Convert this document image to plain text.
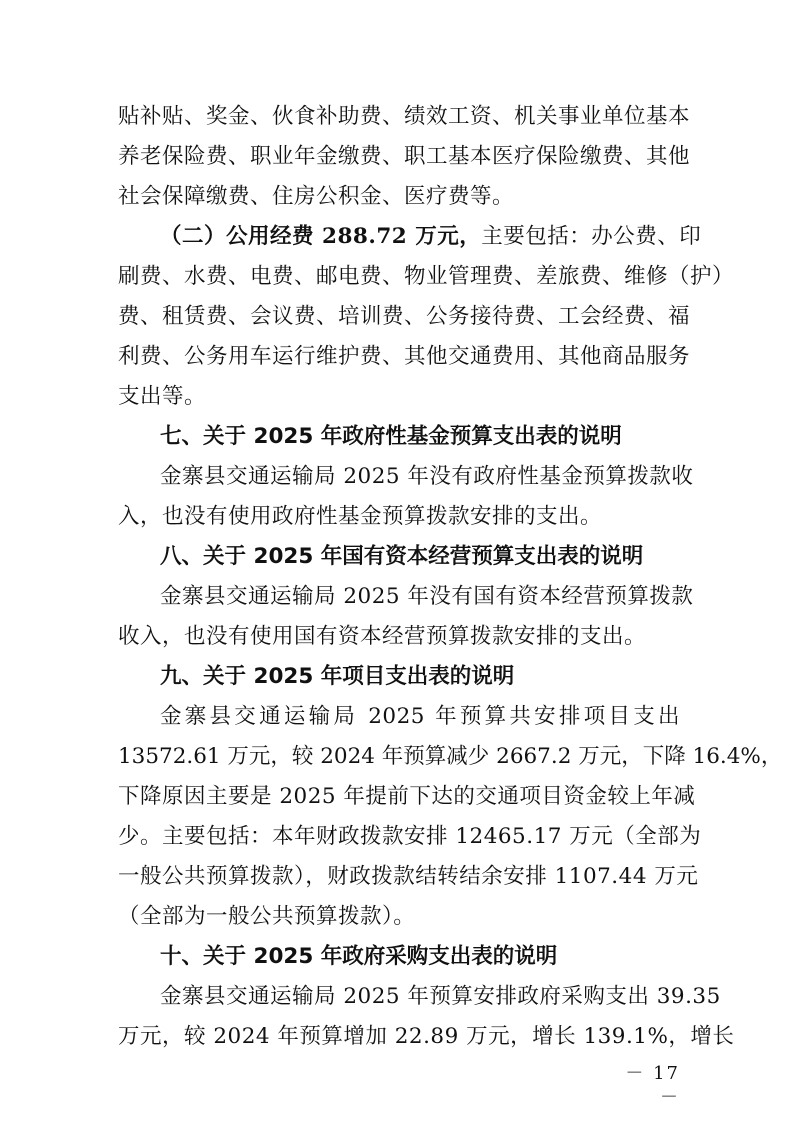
贴补贴、奖金、伙食补助费、绩效工资、机关事业单位基本
养老保险费、职业年金缴费、职工基本医疗保险缴费、其他
社会保障缴费、住房公积金、医疗费等。
（二）公用经费 288.72 万元，主要包括：办公费、印
刷费、水费、电费、邮电费、物业管理费、差旅费、维修（护）
费、租赁费、会议费、培训费、公务接待费、工会经费、福
利费、公务用车运行维护费、其他交通费用、其他商品服务
支出等。
七、关于 2025 年政府性基金预算支出表的说明
金寨县交通运输局 2025 年没有政府性基金预算拨款收
入，也没有使用政府性基金预算拨款安排的支出。
八、关于 2025 年国有资本经营预算支出表的说明
金寨县交通运输局 2025 年没有国有资本经营预算拨款
收入，也没有使用国有资本经营预算拨款安排的支出。
九、关于 2025 年项目支出表的说明
金寨县交通运输局 2025 年预算共安排项目支出
13572.61 万元，较 2024 年预算减少 2667.2 万元，下降 16.4%，
下降原因主要是 2025 年提前下达的交通项目资金较上年减
少。主要包括：本年财政拨款安排 12465.17 万元（全部为
一般公共预算拨款），财政拨款结转结余安排 1107.44 万元
（全部为一般公共预算拨款）。
十、关于 2025 年政府采购支出表的说明
金寨县交通运输局 2025 年预算安排政府采购支出 39.35
万元，较 2024 年预算增加 22.89 万元，增长 139.1%，增长
－ 17 －
